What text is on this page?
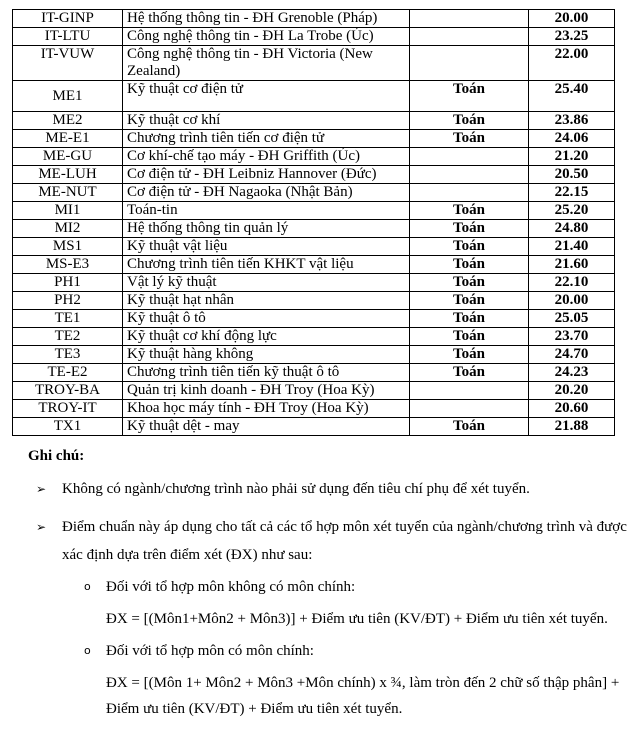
IT-GINP	Hệ thống thông tin - ĐH Grenoble (Pháp)		20.00
IT-LTU	Công nghệ thông tin - ĐH La Trobe (Úc)		23.25
IT-VUW	Công nghệ thông tin - ĐH Victoria (New Zealand)		22.00
ME1	Kỹ thuật cơ điện tử	Toán	25.40
ME2	Kỹ thuật cơ khí	Toán	23.86
ME-E1	Chương trình tiên tiến cơ điện tử	Toán	24.06
ME-GU	Cơ khí-chế tạo máy - ĐH Griffith (Úc)		21.20
ME-LUH	Cơ điện tử - ĐH Leibniz Hannover (Đức)		20.50
ME-NUT	Cơ điện tử - ĐH Nagaoka (Nhật Bản)		22.15
MI1	Toán-tin	Toán	25.20
MI2	Hệ thống thông tin quản lý	Toán	24.80
MS1	Kỹ thuật vật liệu	Toán	21.40
MS-E3	Chương trình tiên tiến KHKT vật liệu	Toán	21.60
PH1	Vật lý kỹ thuật	Toán	22.10
PH2	Kỹ thuật hạt nhân	Toán	20.00
TE1	Kỹ thuật ô tô	Toán	25.05
TE2	Kỹ thuật cơ khí động lực	Toán	23.70
TE3	Kỹ thuật hàng không	Toán	24.70
TE-E2	Chương trình tiên tiến kỹ thuật ô tô	Toán	24.23
TROY-BA	Quản trị kinh doanh - ĐH Troy (Hoa Kỳ)		20.20
TROY-IT	Khoa học máy tính - ĐH Troy (Hoa Kỳ)		20.60
TX1	Kỹ thuật dệt - may	Toán	21.88

Ghi chú:

➢ Không có ngành/chương trình nào phải sử dụng đến tiêu chí phụ để xét tuyển.
➢ Điểm chuẩn này áp dụng cho tất cả các tổ hợp môn xét tuyển của ngành/chương trình và được
xác định dựa trên điểm xét (ĐX) như sau:
o Đối với tổ hợp môn không có môn chính:
ĐX = [(Môn1+Môn2 + Môn3)] + Điểm ưu tiên (KV/ĐT) + Điểm ưu tiên xét tuyển.
o Đối với tổ hợp môn có môn chính:
ĐX = [(Môn 1+ Môn2 + Môn3 +Môn chính) x ¾, làm tròn đến 2 chữ số thập phân] +
Điểm ưu tiên (KV/ĐT) + Điểm ưu tiên xét tuyển.
